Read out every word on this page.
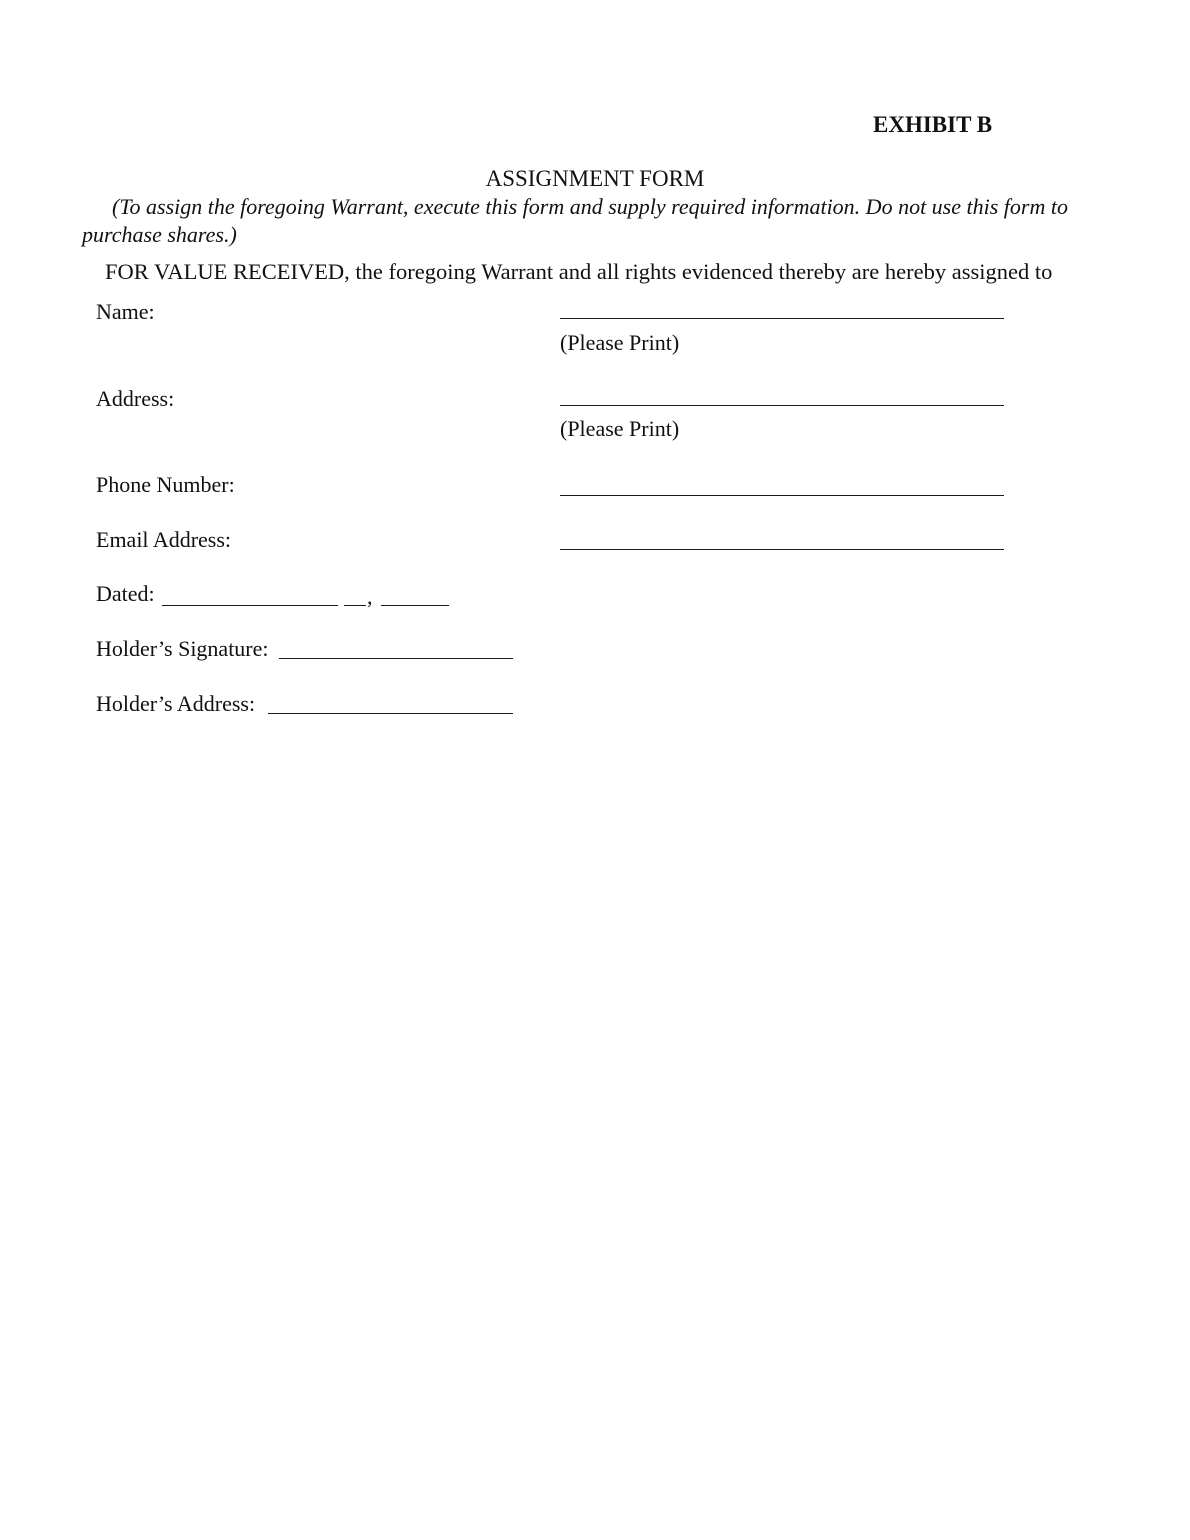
EXHIBIT B
ASSIGNMENT FORM
(To assign the foregoing Warrant, execute this form and supply required information. Do not use this form to purchase shares.)
FOR VALUE RECEIVED, the foregoing Warrant and all rights evidenced thereby are hereby assigned to
Name:
(Please Print)
Address:
(Please Print)
Phone Number:
Email Address:
Dated:	,
Holder’s Signature:
Holder’s Address:
